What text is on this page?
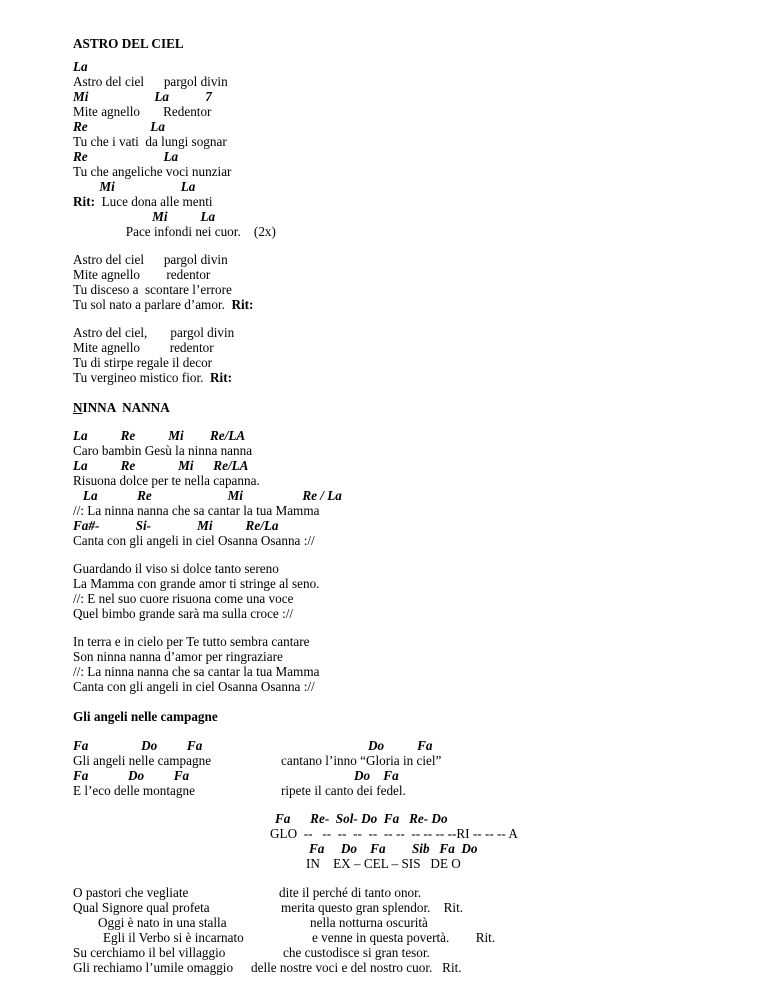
ASTRO DEL CIEL
La
Astro del ciel      pargol divin
Mi                    La           7
Mite agnello       Redentor
Re                   La
Tu che i vati  da lungi sognar
Re                       La
Tu che angeliche voci nunziar
Mi                    La
Rit:  Luce dona alle menti
Mi          La
Pace infondi nei cuor.    (2x)
Astro del ciel      pargol divin
Mite agnello        redentor
Tu disceso a  scontare l’errore
Tu sol nato a parlare d’amor.  Rit:
Astro del ciel,       pargol divin
Mite agnello         redentor
Tu di stirpe regale il decor
Tu vergineo mistico fior.  Rit:
NINNA  NANNA
La          Re          Mi        Re/LA
Caro bambin Gesù la ninna nanna
La          Re             Mi      Re/LA
Risuona dolce per te nella capanna.
La            Re                       Mi                  Re / La
//: La ninna nanna che sa cantar la tua Mamma
Fa#-           Si-              Mi          Re/La
Canta con gli angeli in ciel Osanna Osanna ://
Guardando il viso si dolce tanto sereno
La Mamma con grande amor ti stringe al seno.
//: E nel suo cuore risuona come una voce
Quel bimbo grande sarà ma sulla croce ://
In terra e in cielo per Te tutto sembra cantare
Son ninna nanna d’amor per ringraziare
//: La ninna nanna che sa cantar la tua Mamma
Canta con gli angeli in ciel Osanna Osanna ://
Gli angeli nelle campagne
Fa                Do         Fa
Gli angeli nelle campagne
Fa            Do         Fa
E l’eco delle montagne
Do          Fa
cantano l’inno “Gloria in ciel”
Do    Fa
ripete il canto dei fedel.
Fa      Re-  Sol- Do  Fa   Re- Do
GLO  --   --  --  --  --  -- --  -- -- -- --RI -- -- -- A
Fa     Do    Fa        Sib   Fa  Do
IN    EX – CEL – SIS   DE O
O pastori che vegliate
Qual Signore qual profeta
Oggi è nato in una stalla
Egli il Verbo si è incarnato
Su cerchiamo il bel villaggio
Gli rechiamo l’umile omaggio
dite il perché di tanto onor.
merita questo gran splendor.    Rit.
nella notturna oscurità
e venne in questa povertà.        Rit.
che custodisce si gran tesor.
delle nostre voci e del nostro cuor.   Rit.
